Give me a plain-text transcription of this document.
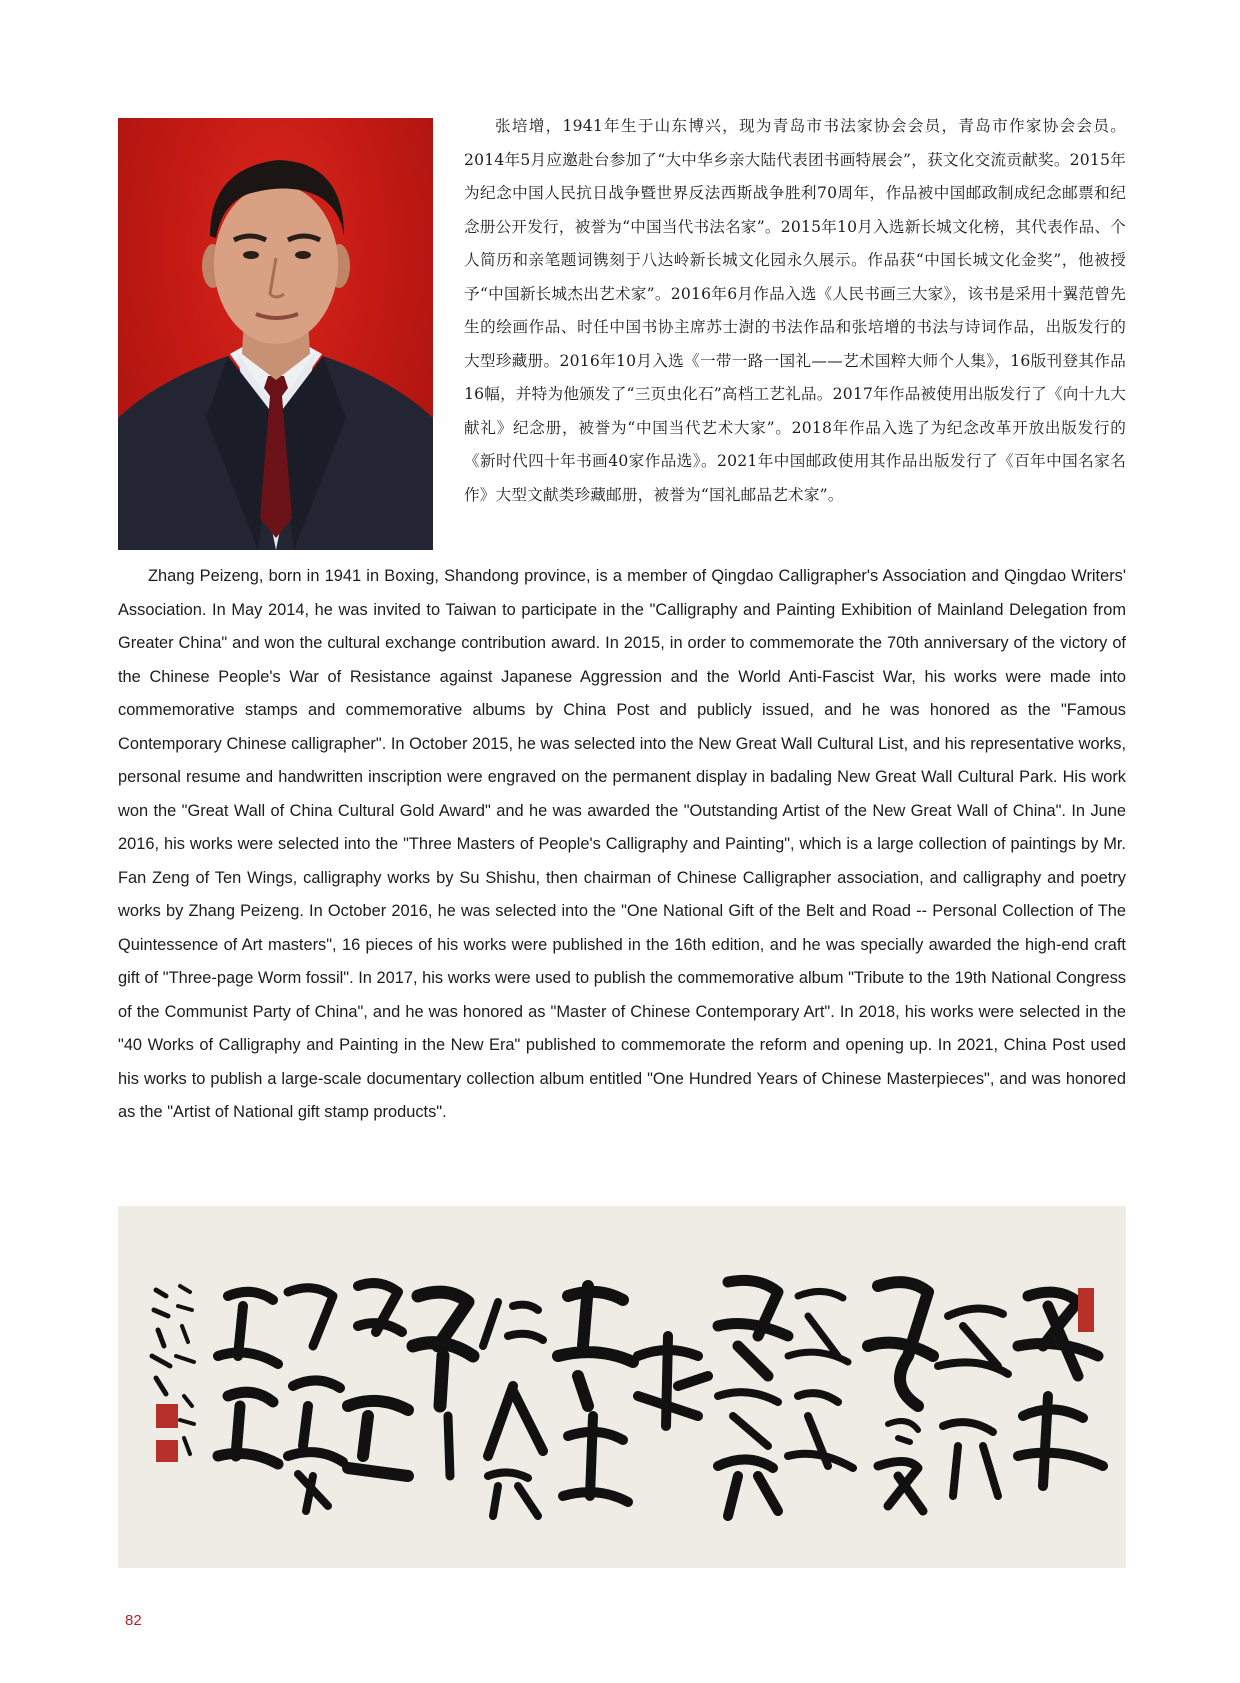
张培增，1941年生于山东博兴，现为青岛市书法家协会会员，青岛市作家协会会员。2014年5月应邀赴台参加了“大中华乡亲大陆代表团书画特展会”，获文化交流贡献奖。2015年为纪念中国人民抗日战争暨世界反法西斯战争胜利70周年，作品被中国邮政制成纪念邮票和纪念册公开发行，被誉为“中国当代书法名家”。2015年10月入选新长城文化榜，其代表作品、个人简历和亲笔题词镌刻于八达岭新长城文化园永久展示。作品获“中国长城文化金奖”，他被授予“中国新长城杰出艺术家”。2016年6月作品入选《人民书画三大家》，该书是采用十翼范曾先生的绘画作品、时任中国书协主席苏士澍的书法作品和张培增的书法与诗词作品，出版发行的大型珍藏册。2016年10月入选《一带一路一国礼——艺术国粹大师个人集》，16版刊登其作品16幅，并特为他颁发了“三页虫化石”高档工艺礼品。2017年作品被使用出版发行了《向十九大献礼》纪念册，被誉为“中国当代艺术大家”。2018年作品入选了为纪念改革开放出版发行的《新时代四十年书画40家作品选》。2021年中国邮政使用其作品出版发行了《百年中国名家名作》大型文献类珍藏邮册，被誉为“国礼邮品艺术家”。
Zhang Peizeng, born in 1941 in Boxing, Shandong province, is a member of Qingdao Calligrapher's Association and Qingdao Writers' Association. In May 2014, he was invited to Taiwan to participate in the "Calligraphy and Painting Exhibition of Mainland Delegation from Greater China" and won the cultural exchange contribution award. In 2015, in order to commemorate the 70th anniversary of the victory of the Chinese People's War of Resistance against Japanese Aggression and the World Anti-Fascist War, his works were made into commemorative stamps and commemorative albums by China Post and publicly issued, and he was honored as the "Famous Contemporary Chinese calligrapher". In October 2015, he was selected into the New Great Wall Cultural List, and his representative works, personal resume and handwritten inscription were engraved on the permanent display in badaling New Great Wall Cultural Park. His work won the "Great Wall of China Cultural Gold Award" and he was awarded the "Outstanding Artist of the New Great Wall of China". In June 2016, his works were selected into the "Three Masters of People's Calligraphy and Painting", which is a large collection of paintings by Mr. Fan Zeng of Ten Wings, calligraphy works by Su Shishu, then chairman of Chinese Calligrapher association, and calligraphy and poetry works by Zhang Peizeng. In October 2016, he was selected into the "One National Gift of the Belt and Road -- Personal Collection of The Quintessence of Art masters", 16 pieces of his works were published in the 16th edition, and he was specially awarded the high-end craft gift of "Three-page Worm fossil". In 2017, his works were used to publish the commemorative album "Tribute to the 19th National Congress of the Communist Party of China", and he was honored as "Master of Chinese Contemporary Art". In 2018, his works were selected in the "40 Works of Calligraphy and Painting in the New Era" published to commemorate the reform and opening up. In 2021, China Post used his works to publish a large-scale documentary collection album entitled "One Hundred Years of Chinese Masterpieces", and was honored as the "Artist of National gift stamp products".
82
